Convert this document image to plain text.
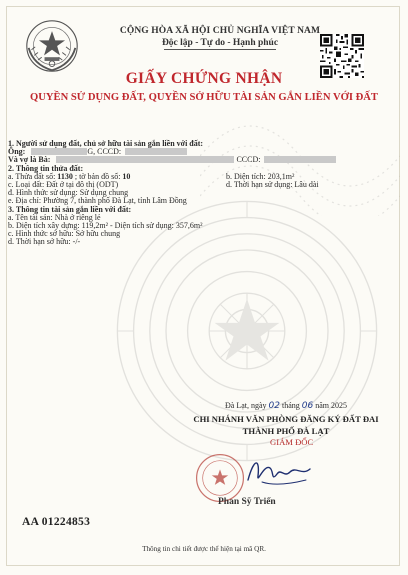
CỘNG HÒA XÃ HỘI CHỦ NGHĨA VIỆT NAM
Độc lập - Tự do - Hạnh phúc
GIẤY CHỨNG NHẬN
QUYỀN SỬ DỤNG ĐẤT, QUYỀN SỞ HỮU TÀI SẢN GẮN LIỀN VỚI ĐẤT
1. Người sử dụng đất, chủ sở hữu tài sản gắn liền với đất:
Ông:	G, CCCD:
Và vợ là Bà:	CCCD:
2. Thông tin thửa đất:
a. Thửa đất số: 1130 ; tờ bản đồ số: 10	b. Diện tích: 203,1m²
c. Loại đất: Đất ở tại đô thị (ODT)	d. Thời hạn sử dụng: Lâu dài
đ. Hình thức sử dụng: Sử dụng chung
e. Địa chỉ: Phường 7, thành phố Đà Lạt, tỉnh Lâm Đồng
3. Thông tin tài sản gắn liền với đất:
a. Tên tài sản: Nhà ở riêng lẻ
b. Diện tích xây dựng: 119,2m² - Diện tích sử dụng: 357,6m²
c. Hình thức sở hữu: Sở hữu chung
d. Thời hạn sở hữu: -/-
Đà Lạt, ngày 02 tháng 06 năm 2025
CHI NHÁNH VĂN PHÒNG ĐĂNG KÝ ĐẤT ĐAI
THÀNH PHỐ ĐÀ LẠT
GIÁM ĐỐC
Phan Sỹ Triển
AA 01224853
Thông tin chi tiết được thể hiện tại mã QR.
